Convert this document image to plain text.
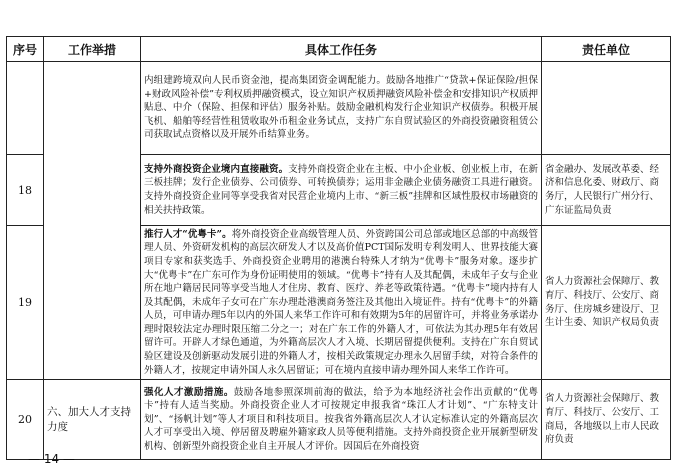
序号	工作举措	具体工作任务	责任单位
		内组建跨境双向人民币资金池，提高集团资金调配能力。鼓励各地推广“贷款+保证保险/担保+财政风险补偿”专利权质押融资模式，设立知识产权质押融资风险补偿金和安排知识产权质押贴息、中介（保险、担保和评估）服务补贴。鼓励金融机构发行企业知识产权债券。积极开展飞机、船舶等经营性租赁收取外币租金业务试点，支持广东自贸试验区的外商投资融资租赁公司获取试点资格以及开展外币结算业务。	
18		支持外商投资企业境内直接融资。支持外商投资企业在主板、中小企业板、创业板上市，在新三板挂牌；发行企业债券、公司债券、可转换债券；运用非金融企业债务融资工具进行融资。支持外商投资企业同等享受我省对民营企业境内上市、“新三板”挂牌和区域性股权市场融资的相关扶持政策。	省金融办、发展改革委、经济和信息化委、财政厅、商务厅，人民银行广州分行、广东证监局负责
19		推行人才“优粤卡”。将外商投资企业高级管理人员、外资跨国公司总部或地区总部的中高级管理人员、外资研发机构的高层次研发人才以及高价值PCT国际发明专利发明人、世界技能大赛项目专家和获奖选手、外商投资企业聘用的港澳台特殊人才纳为“优粤卡”服务对象。逐步扩大“优粤卡”在广东可作为身份证明使用的领域。“优粤卡”持有人及其配偶，未成年子女与企业所在地户籍居民同等享受当地人才住房、教育、医疗、养老等政策待遇。“优粤卡”境内持有人及其配偶，未成年子女可在广东办理赴港澳商务签注及其他出入境证件。持有“优粤卡”的外籍人员，可申请办理5年以内的外国人来华工作许可和有效期为5年的居留许可，并将业务承诺办理时限较法定办理时限压缩二分之一；对在广东工作的外籍人才，可依法为其办理5年有效居留许可。开辟人才绿色通道，为外籍高层次人才入境、长期居留提供便利。支持在广东自贸试验区建设及创新驱动发展引进的外籍人才，按相关政策规定办理永久居留手续，对符合条件的外籍人才，按规定申请外国人永久居留证；可在境内直接申请办理外国人来华工作许可。	省人力资源社会保障厅、教育厅、科技厅、公安厅、商务厅、住房城乡建设厅、卫生计生委、知识产权局负责
20	六、加大人才支持力度	强化人才激励措施。鼓励各地参照深圳前海的做法，给予为本地经济社会作出贡献的“优粤卡”持有人适当奖励。外商投资企业人才可按规定申报我省“珠江人才计划”、“广东特支计划”、“扬帆计划”等人才项目和科技项目。按我省外籍高层次人才认定标准认定的外籍高层次人才可享受出入境、停居留及聘雇外籍家政人员等便利措施。支持外商投资企业开展新型研发机构、创新型外商投资企业自主开展人才评价。因国后在外商投资	省人力资源社会保障厅、教育厅、科技厅、公安厅、工商局，各地级以上市人民政府负责
— 14 —
